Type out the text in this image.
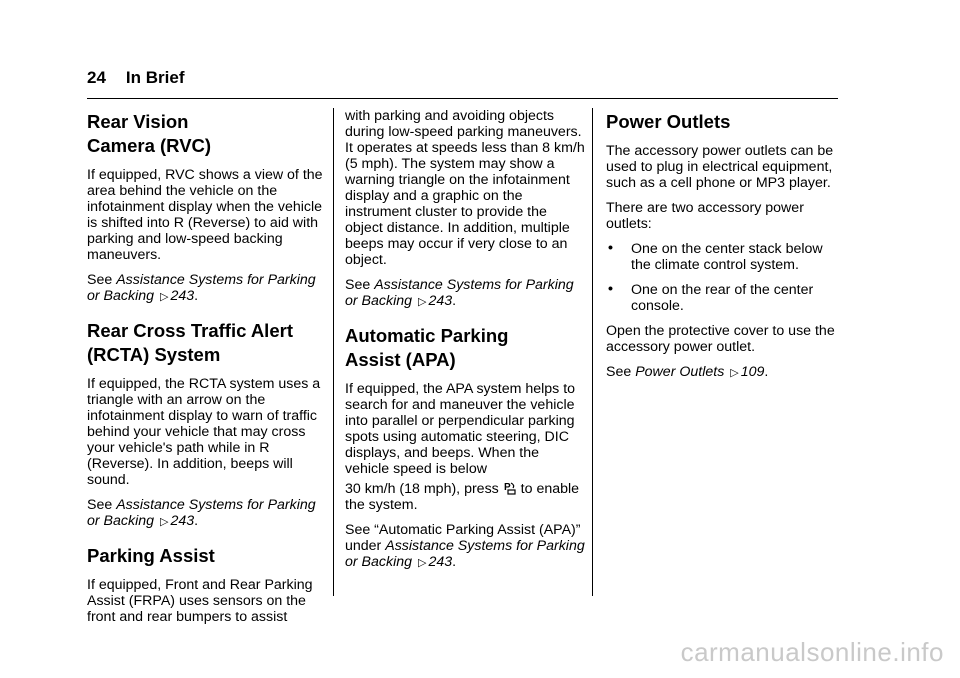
24 In Brief
Rear Vision
Camera (RVC)

If equipped, RVC shows a view of the area behind the vehicle on the infotainment display when the vehicle is shifted into R (Reverse) to aid with parking and low-speed backing maneuvers.

See Assistance Systems for Parking or Backing ▷ 243.

Rear Cross Traffic Alert
(RCTA) System

If equipped, the RCTA system uses a triangle with an arrow on the infotainment display to warn of traffic behind your vehicle that may cross your vehicle's path while in R (Reverse). In addition, beeps will sound.

See Assistance Systems for Parking or Backing ▷ 243.

Parking Assist

If equipped, Front and Rear Parking Assist (FRPA) uses sensors on the front and rear bumpers to assist

with parking and avoiding objects during low-speed parking maneuvers. It operates at speeds less than 8 km/h (5 mph). The system may show a warning triangle on the infotainment display and a graphic on the instrument cluster to provide the object distance. In addition, multiple beeps may occur if very close to an object.

See Assistance Systems for Parking or Backing ▷ 243.

Automatic Parking
Assist (APA)

If equipped, the APA system helps to search for and maneuver the vehicle into parallel or perpendicular parking spots using automatic steering, DIC displays, and beeps. When the vehicle speed is below

30 km/h (18 mph), press P to enable the system.

See “Automatic Parking Assist (APA)” under Assistance Systems for Parking or Backing ▷ 243.

Power Outlets

The accessory power outlets can be used to plug in electrical equipment, such as a cell phone or MP3 player.

There are two accessory power outlets:

• One on the center stack below the climate control system.
• One on the rear of the center console.

Open the protective cover to use the accessory power outlet.

See Power Outlets ▷ 109.

carmanualsonline.info
